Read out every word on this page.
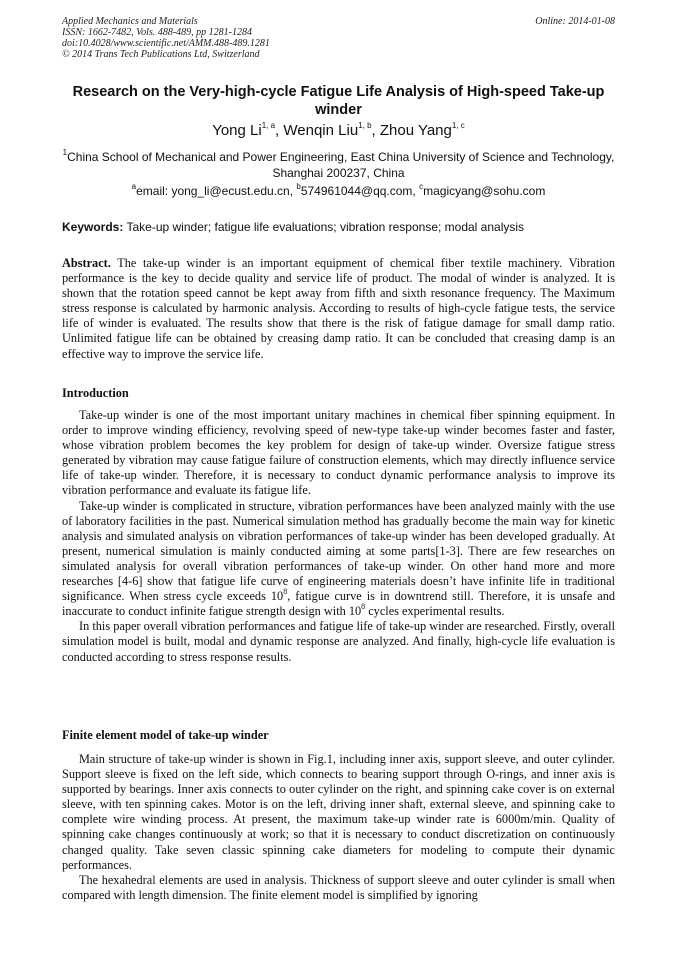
Applied Mechanics and Materials
ISSN: 1662-7482, Vols. 488-489, pp 1281-1284
doi:10.4028/www.scientific.net/AMM.488-489.1281
© 2014 Trans Tech Publications Ltd, Switzerland
Online: 2014-01-08
Research on the Very-high-cycle Fatigue Life Analysis of High-speed Take-up winder
Yong Li$^{1, a}$, Wenqin Liu$^{1, b}$, Zhou Yang$^{1, c}$
$^1$China School of Mechanical and Power Engineering, East China University of Science and Technology, Shanghai 200237, China
$^a$email: yong_li@ecust.edu.cn, $^b$574961044@qq.com, $^c$magicyang@sohu.com
Keywords: Take-up winder; fatigue life evaluations; vibration response; modal analysis

Abstract. The take-up winder is an important equipment of chemical fiber textile machinery. Vibration performance is the key to decide quality and service life of product. The modal of winder is analyzed. It is shown that the rotation speed cannot be kept away from fifth and sixth resonance frequency. The Maximum stress response is calculated by harmonic analysis. According to results of high-cycle fatigue tests, the service life of winder is evaluated. The results show that there is the risk of fatigue damage for small damp ratio. Unlimited fatigue life can be obtained by creasing damp ratio. It can be concluded that creasing damp is an effective way to improve the service life.

Introduction

Take-up winder is one of the most important unitary machines in chemical fiber spinning equipment. In order to improve winding efficiency, revolving speed of new-type take-up winder becomes faster and faster, whose vibration problem becomes the key problem for design of take-up winder. Oversize fatigue stress generated by vibration may cause fatigue failure of construction elements, which may directly influence service life of take-up winder. Therefore, it is necessary to conduct dynamic performance analysis to improve its vibration performance and evaluate its fatigue life.

Take-up winder is complicated in structure, vibration performances have been analyzed mainly with the use of laboratory facilities in the past. Numerical simulation method has gradually become the main way for kinetic analysis and simulated analysis on vibration performances of take-up winder has been developed gradually. At present, numerical simulation is mainly conducted aiming at some parts[1-3]. There are few researches on simulated analysis for overall vibration performances of take-up winder. On other hand more and more researches [4-6] show that fatigue life curve of engineering materials doesn’t have infinite life in traditional significance. When stress cycle exceeds $10^8$, fatigue curve is in downtrend still. Therefore, it is unsafe and inaccurate to conduct infinite fatigue strength design with $10^8$ cycles experimental results.

In this paper overall vibration performances and fatigue life of take-up winder are researched. Firstly, overall simulation model is built, modal and dynamic response are analyzed. And finally, high-cycle life evaluation is conducted according to stress response results.

Finite element model of take-up winder

Main structure of take-up winder is shown in Fig.1, including inner axis, support sleeve, and outer cylinder. Support sleeve is fixed on the left side, which connects to bearing support through O-rings, and inner axis is supported by bearings. Inner axis connects to outer cylinder on the right, and spinning cake cover is on external sleeve, with ten spinning cakes. Motor is on the left, driving inner shaft, external sleeve, and spinning cake to complete wire winding process. At present, the maximum take-up winder rate is 6000m/min. Quality of spinning cake changes continuously at work; so that it is necessary to conduct discretization on continuously changed quality. Take seven classic spinning cake diameters for modeling to compute their dynamic performances.

The hexahedral elements are used in analysis. Thickness of support sleeve and outer cylinder is small when compared with length dimension. The finite element model is simplified by ignoring
